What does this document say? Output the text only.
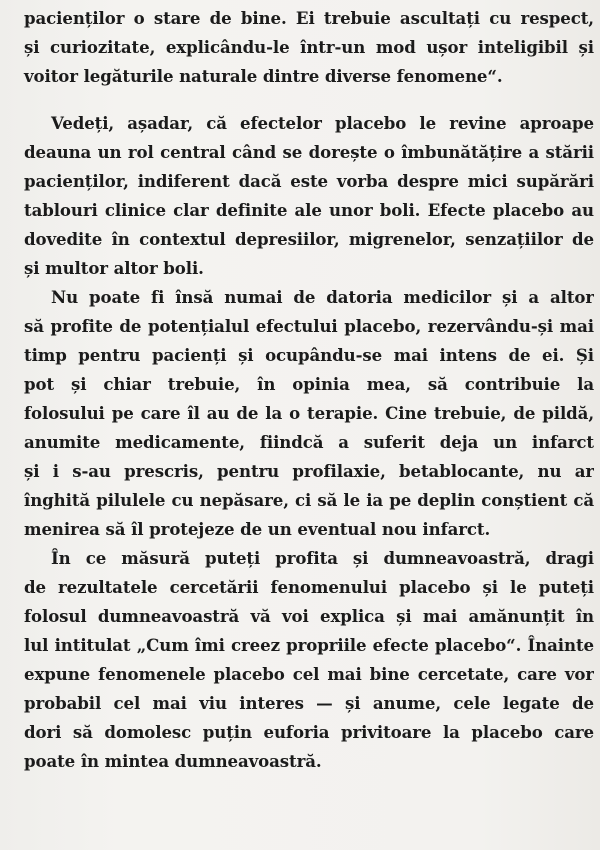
pacienților o stare de bine. Ei trebuie ascultați cu respect,
și curiozitate, explicându-le într-un mod ușor inteligibil și
voitor legăturile naturale dintre diverse fenomene“.
Vedeți, așadar, că efectelor placebo le revine aproape
deauna un rol central când se dorește o îmbunătățire a stării
pacienților, indiferent dacă este vorba despre mici supărări
tablouri clinice clar definite ale unor boli. Efecte placebo au
dovedite în contextul depresiilor, migrenelor, senzațiilor de
și multor altor boli.
Nu poate fi însă numai de datoria medicilor și a altor
să profite de potențialul efectului placebo, rezervându-și mai
timp pentru pacienți și ocupându-se mai intens de ei. Și
pot și chiar trebuie, în opinia mea, să contribuie la
folosului pe care îl au de la o terapie. Cine trebuie, de pildă,
anumite medicamente, fiindcă a suferit deja un infarct
și i s-au prescris, pentru profilaxie, betablocante, nu ar
înghită pilulele cu nepăsare, ci să le ia pe deplin conștient că
menirea să îl protejeze de un eventual nou infarct.
În ce măsură puteți profita și dumneavoastră, dragi
de rezultatele cercetării fenomenului placebo și le puteți
folosul dumneavoastră vă voi explica și mai amănunțit în
lul intitulat „Cum îmi creez propriile efecte placebo“. Înainte
expune fenomenele placebo cel mai bine cercetate, care vor
probabil cel mai viu interes — și anume, cele legate de
dori să domolesc puțin euforia privitoare la placebo care
poate în mintea dumneavoastră.
